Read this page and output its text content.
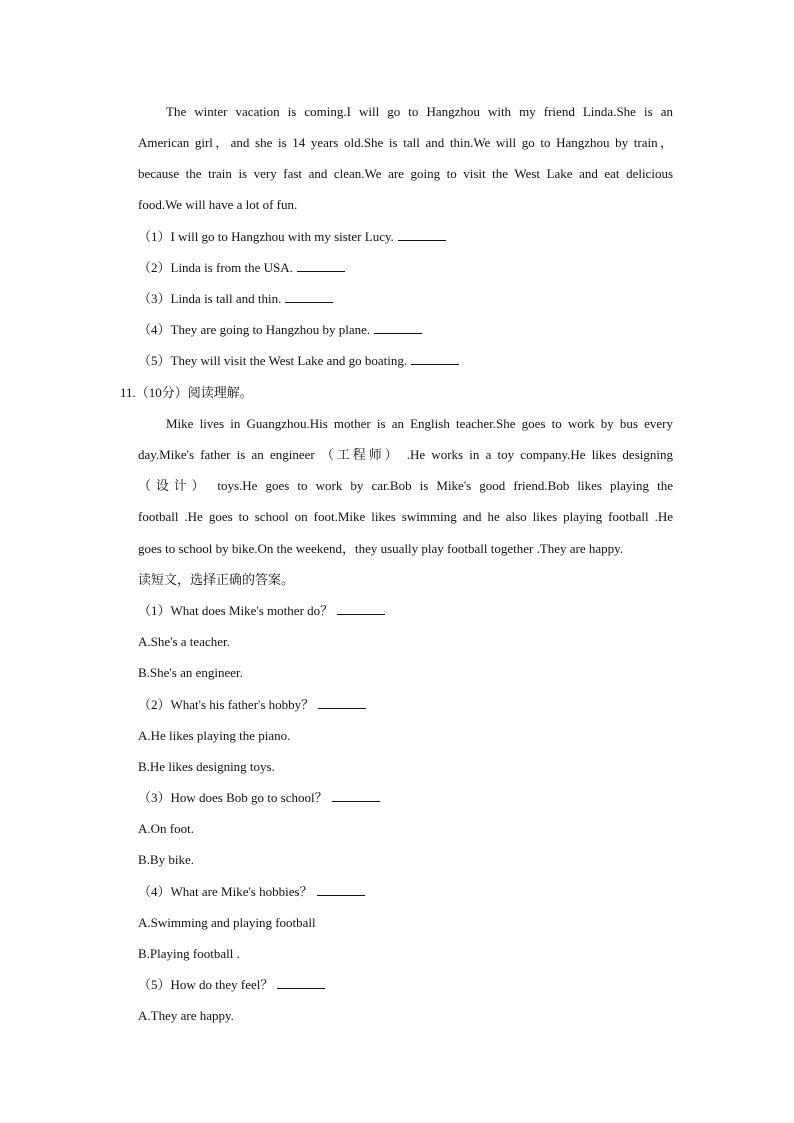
The winter vacation is coming.I will go to Hangzhou with my friend Linda.She is an
American girl，and she is 14 years old.She is tall and thin.We will go to Hangzhou by train，
because the train is very fast and clean.We are going to visit the West Lake and eat delicious
food.We will have a lot of fun.
（1）I will go to Hangzhou with my sister Lucy.
（2）Linda is from the USA.
（3）Linda is tall and thin.
（4）They are going to Hangzhou by plane.
（5）They will visit the West Lake and go boating.
11.（10分）阅读理解。
Mike lives in Guangzhou.His mother is an English teacher.She goes to work by bus every
day.Mike's father is an engineer （工程师） .He works in a toy company.He likes designing
（设计） toys.He goes to work by car.Bob is Mike's good friend.Bob likes playing the
football .He goes to school on foot.Mike likes swimming and he also likes playing football .He
goes to school by bike.On the weekend，they usually play football together .They are happy.
读短文，选择正确的答案。
（1）What does Mike's mother do？
A.She's a teacher.
B.She's an engineer.
（2）What's his father's hobby？
A.He likes playing the piano.
B.He likes designing toys.
（3）How does Bob go to school？
A.On foot.
B.By bike.
（4）What are Mike's hobbies？
A.Swimming and playing football
B.Playing football .
（5）How do they feel？
A.They are happy.
